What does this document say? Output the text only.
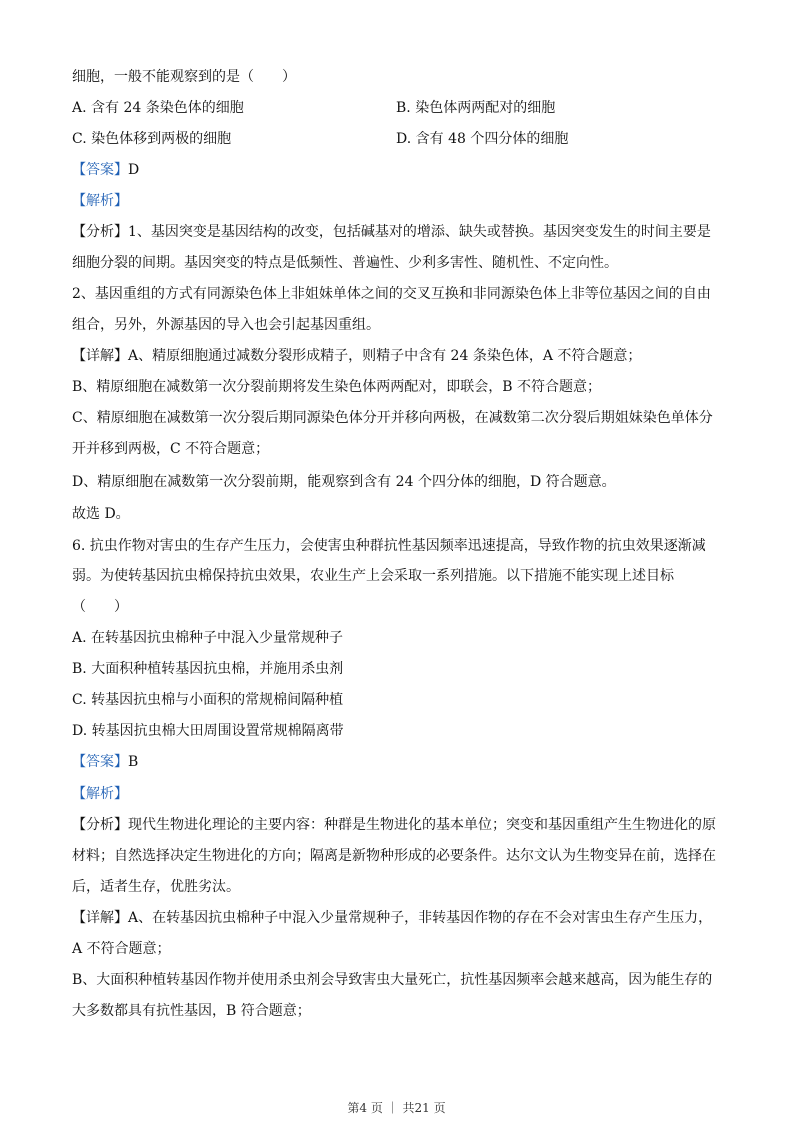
细胞，一般不能观察到的是（　　）
A. 含有 24 条染色体的细胞	B. 染色体两两配对的细胞
C. 染色体移到两极的细胞	D. 含有 48 个四分体的细胞
【答案】D
【解析】
【分析】1、基因突变是基因结构的改变，包括碱基对的增添、缺失或替换。基因突变发生的时间主要是
细胞分裂的间期。基因突变的特点是低频性、普遍性、少利多害性、随机性、不定向性。
2、基因重组的方式有同源染色体上非姐妹单体之间的交叉互换和非同源染色体上非等位基因之间的自由
组合，另外，外源基因的导入也会引起基因重组。
【详解】A、精原细胞通过减数分裂形成精子，则精子中含有 24 条染色体，A 不符合题意；
B、精原细胞在减数第一次分裂前期将发生染色体两两配对，即联会，B 不符合题意；
C、精原细胞在减数第一次分裂后期同源染色体分开并移向两极，在减数第二次分裂后期姐妹染色单体分
开并移到两极，C 不符合题意；
D、精原细胞在减数第一次分裂前期，能观察到含有 24 个四分体的细胞，D 符合题意。
故选 D。
6. 抗虫作物对害虫的生存产生压力，会使害虫种群抗性基因频率迅速提高，导致作物的抗虫效果逐渐减
弱。为使转基因抗虫棉保持抗虫效果，农业生产上会采取一系列措施。以下措施不能实现上述目标
（　　）
A. 在转基因抗虫棉种子中混入少量常规种子
B. 大面积种植转基因抗虫棉，并施用杀虫剂
C. 转基因抗虫棉与小面积的常规棉间隔种植
D. 转基因抗虫棉大田周围设置常规棉隔离带
【答案】B
【解析】
【分析】现代生物进化理论的主要内容：种群是生物进化的基本单位；突变和基因重组产生生物进化的原
材料；自然选择决定生物进化的方向；隔离是新物种形成的必要条件。达尔文认为生物变异在前，选择在
后，适者生存，优胜劣汰。
【详解】A、在转基因抗虫棉种子中混入少量常规种子，非转基因作物的存在不会对害虫生存产生压力，
A 不符合题意；
B、大面积种植转基因作物并使用杀虫剂会导致害虫大量死亡，抗性基因频率会越来越高，因为能生存的
大多数都具有抗性基因，B 符合题意；
第4 页 ｜ 共21 页
